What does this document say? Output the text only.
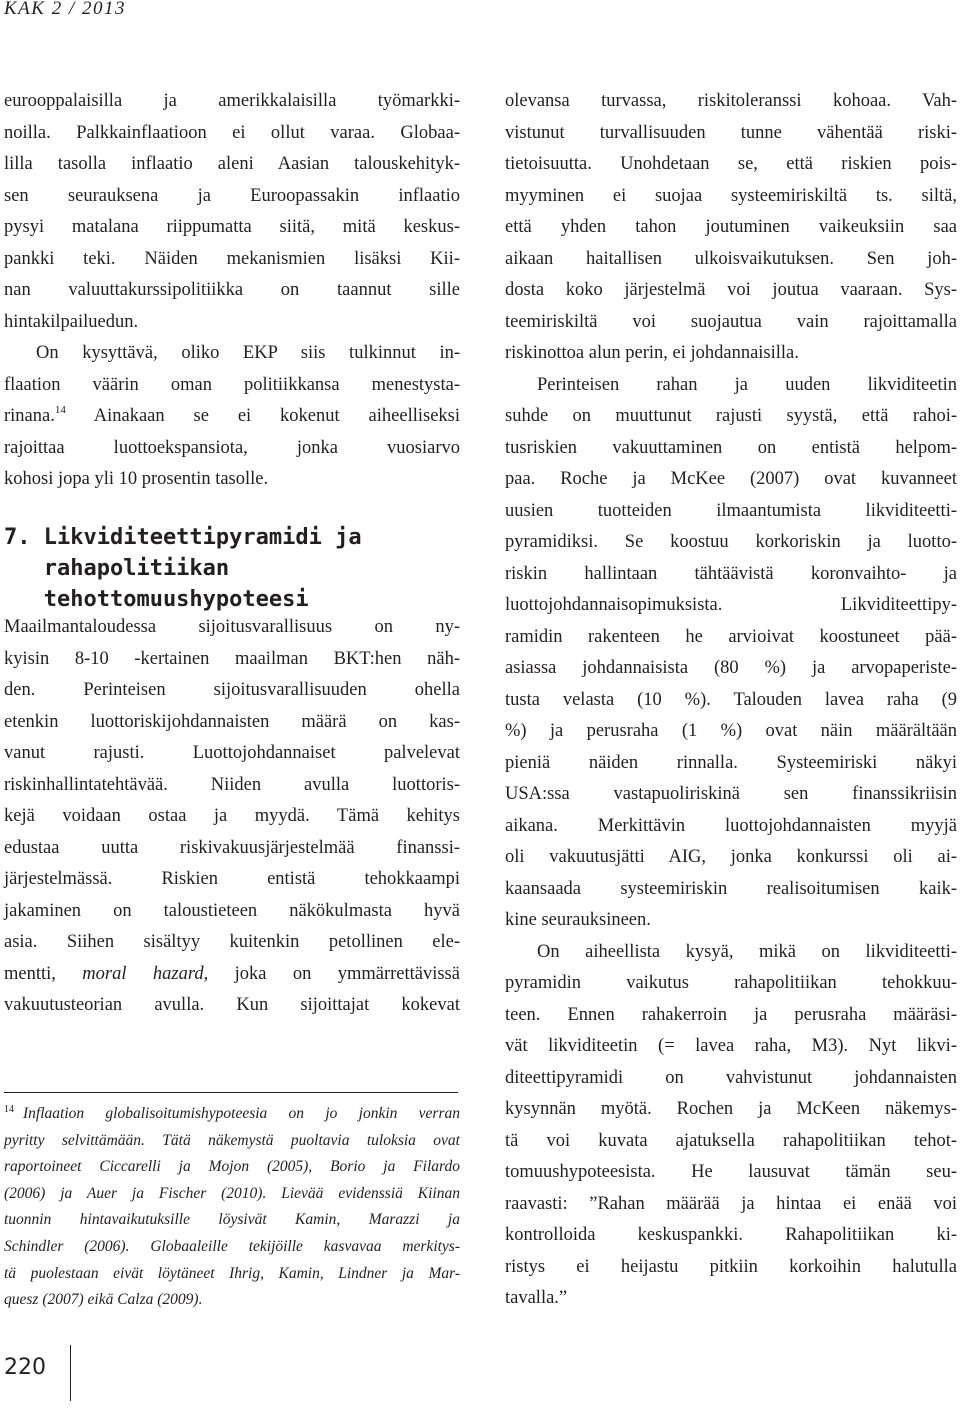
KAK 2 / 2013

eurooppalaisilla ja amerikkalaisilla työmarkki-
noilla. Palkkainflaatioon ei ollut varaa. Globaa-
lilla tasolla inflaatio aleni Aasian talouskehityk-
sen seurauksena ja Euroopassakin inflaatio
pysyi matalana riippumatta siitä, mitä keskus-
pankki teki. Näiden mekanismien lisäksi Kii-
nan valuuttakurssipolitiikka on taannut sille
hintakilpailuedun.

On kysyttävä, oliko EKP siis tulkinnut in-
flaation väärin oman politiikkansa menestysta-
rinana.$^{14}$ Ainakaan se ei kokenut aiheelliseksi
rajoittaa luottoekspansiota, jonka vuosiarvo
kohosi jopa yli 10 prosentin tasolle.

7. Likviditeettipyramidi ja
rahapolitiikan
tehottomuushypoteesi

Maailmantaloudessa sijoitusvarallisuus on ny-
kyisin 8-10 -kertainen maailman BKT:hen näh-
den. Perinteisen sijoitusvarallisuuden ohella
etenkin luottoriskijohdannaisten määrä on kas-
vanut rajusti. Luottojohdannaiset palvelevat
riskinhallintatehtävää. Niiden avulla luottoris-
kejä voidaan ostaa ja myydä. Tämä kehitys
edustaa uutta riskivakuusjärjestelmää finanssi-
järjestelmässä. Riskien entistä tehokkaampi
jakaminen on taloustieteen näkökulmasta hyvä
asia. Siihen sisältyy kuitenkin petollinen ele-
mentti, moral hazard, joka on ymmärrettävissä
vakuutusteorian avulla. Kun sijoittajat kokevat

$^{14}$ Inflaation globalisoitumishypoteesia on jo jonkin verran
pyritty selvittämään. Tätä näkemystä puoltavia tuloksia ovat
raportoineet Ciccarelli ja Mojon (2005), Borio ja Filardo
(2006) ja Auer ja Fischer (2010). Lievää evidenssiä Kiinan
tuonnin hintavaikutuksille löysivät Kamin, Marazzi ja
Schindler (2006). Globaaleille tekijöille kasvavaa merkitys-
tä puolestaan eivät löytäneet Ihrig, Kamin, Lindner ja Mar-
quesz (2007) eikä Calza (2009).

olevansa turvassa, riskitoleranssi kohoaa. Vah-
vistunut turvallisuuden tunne vähentää riski-
tietoisuutta. Unohdetaan se, että riskien pois-
myyminen ei suojaa systeemiriskiltä ts. siltä,
että yhden tahon joutuminen vaikeuksiin saa
aikaan haitallisen ulkoisvaikutuksen. Sen joh-
dosta koko järjestelmä voi joutua vaaraan. Sys-
teemiriskiltä voi suojautua vain rajoittamalla
riskinottoa alun perin, ei johdannaisilla.

Perinteisen rahan ja uuden likviditeetin
suhde on muuttunut rajusti syystä, että rahoi-
tusriskien vakuuttaminen on entistä helpom-
paa. Roche ja McKee (2007) ovat kuvanneet
uusien tuotteiden ilmaantumista likviditeetti-
pyramidiksi. Se koostuu korkoriskin ja luotto-
riskin hallintaan tähtäävistä koronvaihto- ja
luottojohdannaisopimuksista. Likviditeettipy-
ramidin rakenteen he arvioivat koostuneet pää-
asiassa johdannaisista (80 %) ja arvopaperiste-
tusta velasta (10 %). Talouden lavea raha (9
%) ja perusraha (1 %) ovat näin määrältään
pieniä näiden rinnalla. Systeemiriski näkyi
USA:ssa vastapuoliriskinä sen finanssikriisin
aikana. Merkittävin luottojohdannaisten myyjä
oli vakuutusjätti AIG, jonka konkurssi oli ai-
kaansaada systeemiriskin realisoitumisen kaik-
kine seurauksineen.

On aiheellista kysyä, mikä on likviditeetti-
pyramidin vaikutus rahapolitiikan tehokkuu-
teen. Ennen rahakerroin ja perusraha määräsi-
vät likviditeetin (= lavea raha, M3). Nyt likvi-
diteettipyramidi on vahvistunut johdannaisten
kysynnän myötä. Rochen ja McKeen näkemys-
tä voi kuvata ajatuksella rahapolitiikan tehot-
tomuushypoteesista. He lausuvat tämän seu-
raavasti: ”Rahan määrää ja hintaa ei enää voi
kontrolloida keskuspankki. Rahapolitiikan ki-
ristys ei heijastu pitkiin korkoihin halutulla
tavalla.”

220
